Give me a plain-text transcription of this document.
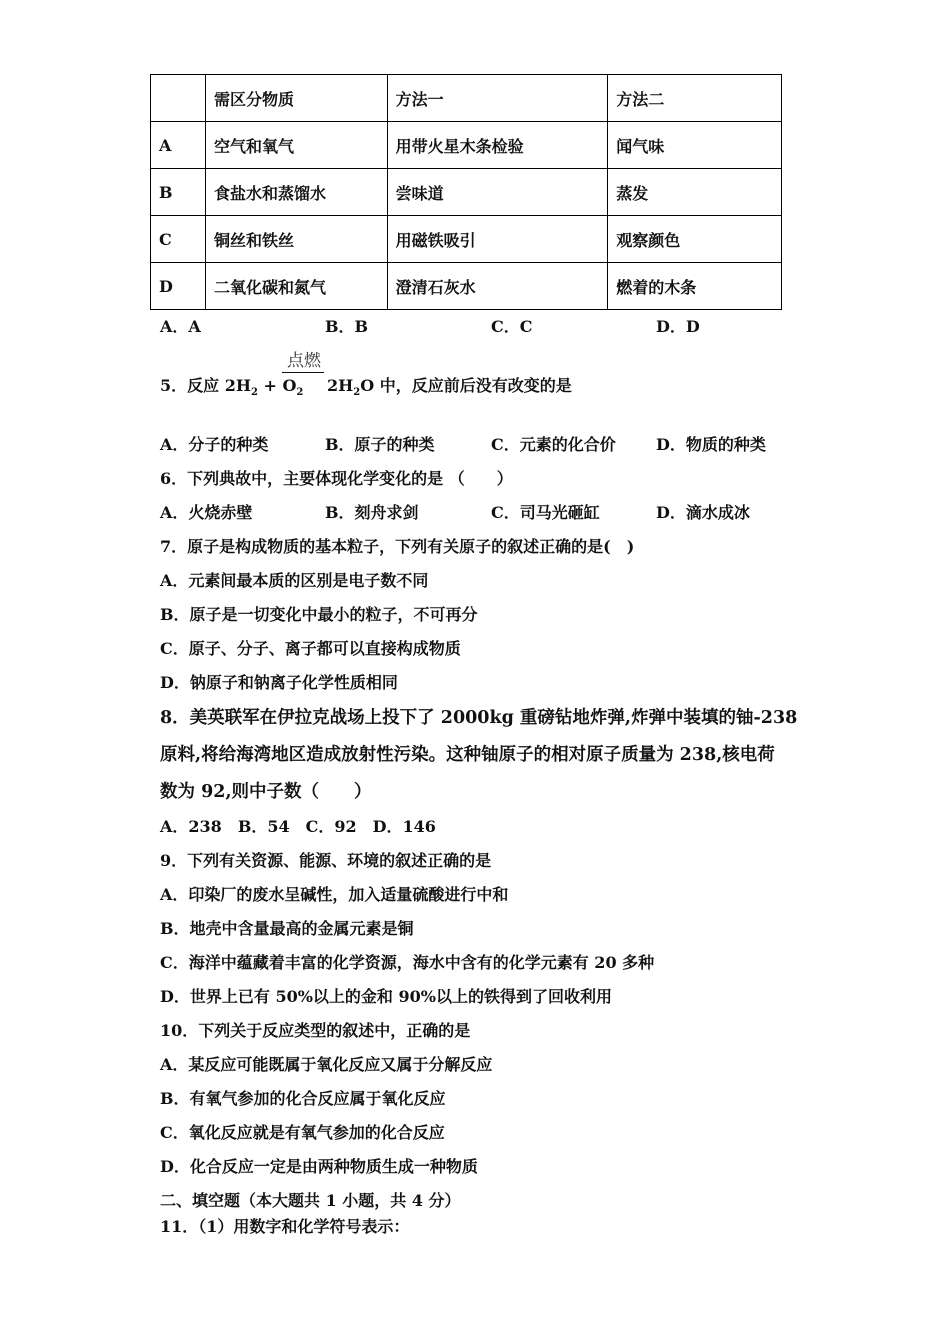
	需区分物质	方法一	方法二
A	空气和氧气	用带火星木条检验	闻气味
B	食盐水和蒸馏水	尝味道	蒸发
C	铜丝和铁丝	用磁铁吸引	观察颜色
D	二氧化碳和氮气	澄清石灰水	燃着的木条
A．A	B．B	C．C	D．D
点燃
5．反应 $2H_2 + O_2$ $2H_2O$ 中，反应前后没有改变的是
A．分子的种类	B．原子的种类	C．元素的化合价	D．物质的种类
6．下列典故中，主要体现化学变化的是 （　　）
A．火烧赤壁	B．刻舟求剑	C．司马光砸缸	D．滴水成冰
7．原子是构成物质的基本粒子，下列有关原子的叙述正确的是(　)
A．元素间最本质的区别是电子数不同
B．原子是一切变化中最小的粒子，不可再分
C．原子、分子、离子都可以直接构成物质
D．钠原子和钠离子化学性质相同
8．美英联军在伊拉克战场上投下了 2000kg 重磅钻地炸弹,炸弹中装填的铀-238
原料,将给海湾地区造成放射性污染。这种铀原子的相对原子质量为 238,核电荷
数为 92,则中子数（　　）
A．238　B．54　C．92　D．146
9．下列有关资源、能源、环境的叙述正确的是
A．印染厂的废水呈碱性，加入适量硫酸进行中和
B．地壳中含量最高的金属元素是铜
C．海洋中蕴藏着丰富的化学资源，海水中含有的化学元素有 20 多种
D．世界上已有 50%以上的金和 90%以上的铁得到了回收利用
10．下列关于反应类型的叙述中，正确的是
A．某反应可能既属于氧化反应又属于分解反应
B．有氧气参加的化合反应属于氧化反应
C．氧化反应就是有氧气参加的化合反应
D．化合反应一定是由两种物质生成一种物质
二、填空题（本大题共 1 小题，共 4 分）
11．（1）用数字和化学符号表示：
